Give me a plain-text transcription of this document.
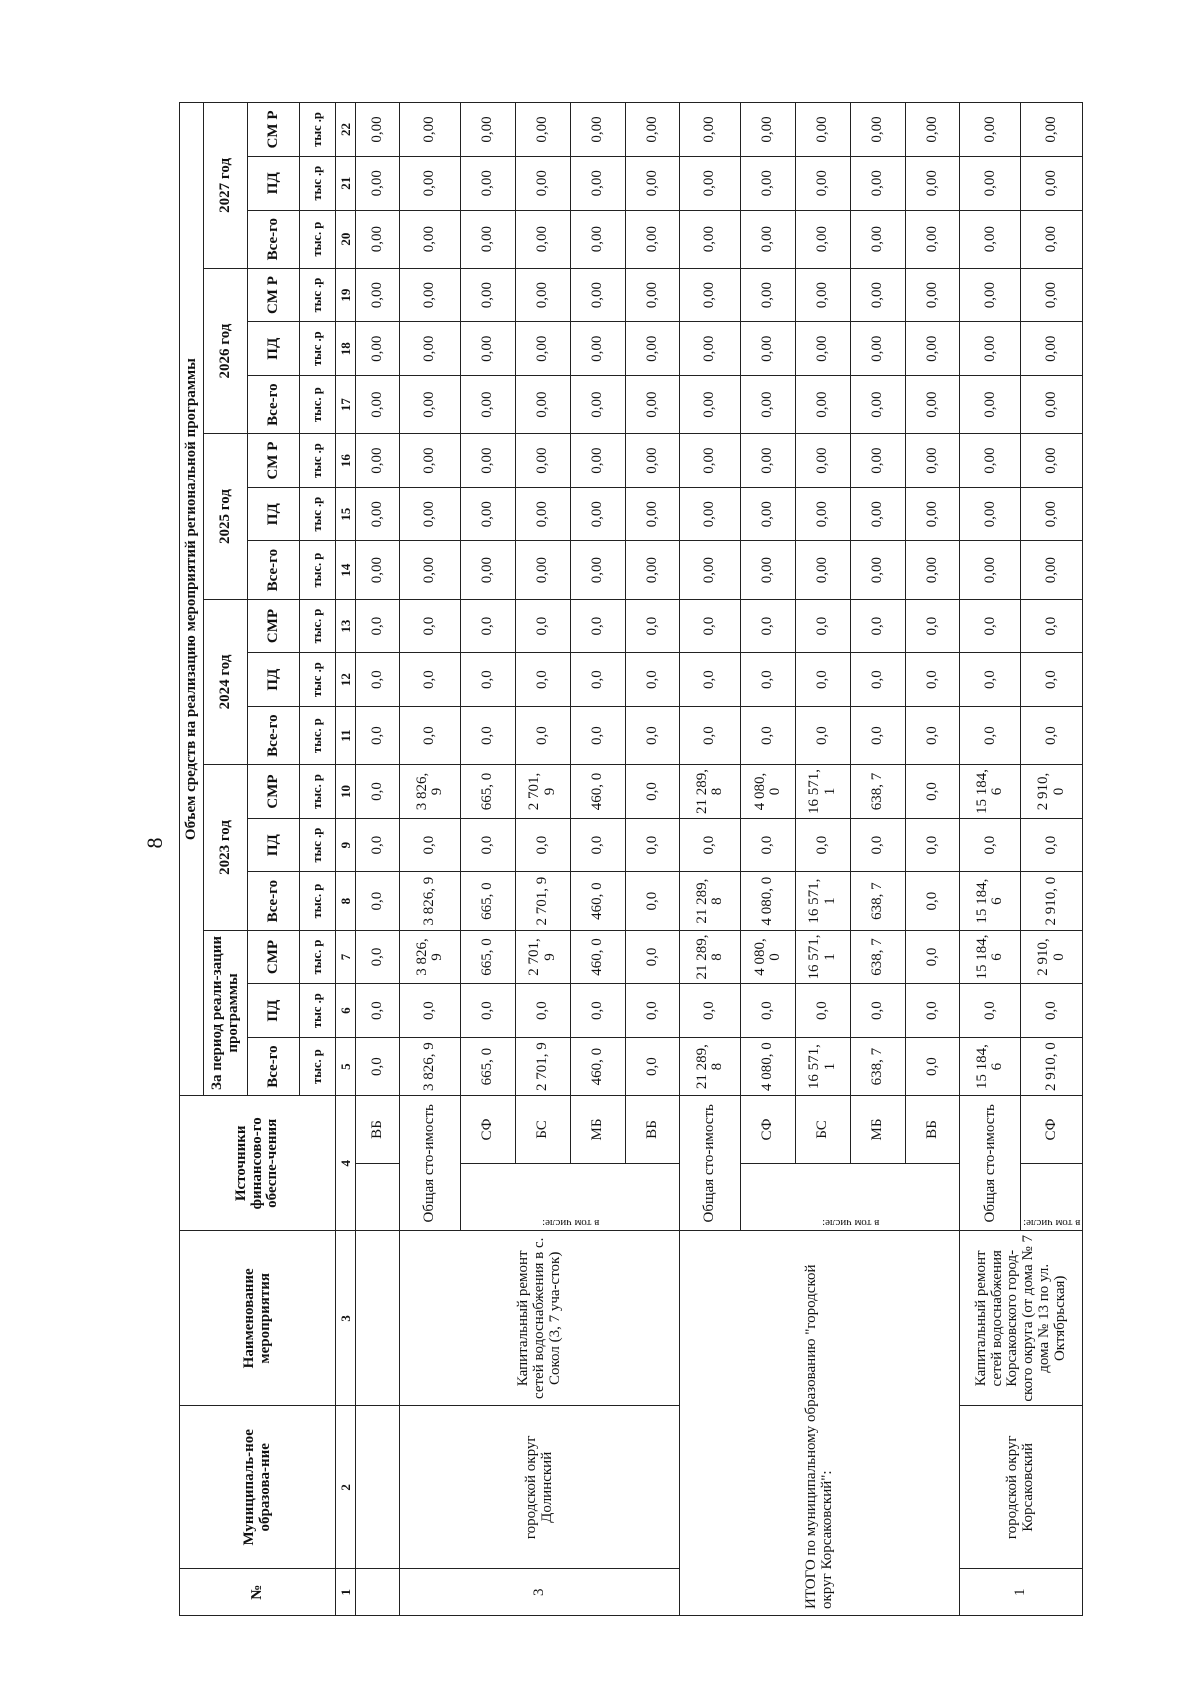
8
№	Муниципаль-ное образова-ние	Наименование мероприятия	Источники финансово-го обеспе-чения		Объем средств на реализацию мероприятий региональной программы																	
					За период реали-зации программы			2023 год			2024 год			2025 год			2026 год			2027 год		
					Все-го	ПД	СМР	Все-го	ПД	СМР	Все-го	ПД	СМР	Все-го	ПД	СМ Р	Все-го	ПД	СМ Р	Все-го	ПД	СМ Р
					тыс. р	тыс .р	тыс. р	тыс. р	тыс .р	тыс. р	тыс. р	тыс .р	тыс. р	тыс. р	тыс .р	тыс .р	тыс. р	тыс .р	тыс .р	тыс. р	тыс .р	тыс .р
1	2	3	4		5	6	7	8	9	10	11	12	13	14	15	16	17	18	19	20	21	22
				ВБ	0,0	0,0	0,0	0,0	0,0	0,0	0,0	0,0	0,0	0,00	0,00	0,00	0,00	0,00	0,00	0,00	0,00	0,00
3	городской округ Долинский	Капитальный ремонт сетей водоснабжения в с. Сокол (3, 7 уча-сток)	Общая сто-имость		3 826, 9	0,0	3 826, 9	3 826, 9	0,0	3 826, 9	0,0	0,0	0,0	0,00	0,00	0,00	0,00	0,00	0,00	0,00	0,00	0,00

			в том числе:	СФ	665, 0	0,0	665, 0	665, 0	0,0	665, 0	0,0	0,0	0,0	0,00	0,00	0,00	0,00	0,00	0,00	0,00	0,00	0,00
				БС	2 701, 9	0,0	2 701, 9	2 701, 9	0,0	2 701, 9	0,0	0,0	0,0	0,00	0,00	0,00	0,00	0,00	0,00	0,00	0,00	0,00
				МБ	460, 0	0,0	460, 0	460, 0	0,0	460, 0	0,0	0,0	0,0	0,00	0,00	0,00	0,00	0,00	0,00	0,00	0,00	0,00
				ВБ	0,0	0,0	0,0	0,0	0,0	0,0	0,0	0,0	0,0	0,00	0,00	0,00	0,00	0,00	0,00	0,00	0,00	0,00
ИТОГО по муниципальному образованию "городской округ Корсаковский":			Общая сто-имость		21 289, 8	0,0	21 289, 8	21 289, 8	0,0	21 289, 8	0,0	0,0	0,0	0,00	0,00	0,00	0,00	0,00	0,00	0,00	0,00	0,00

			в том числе:	СФ	4 080, 0	0,0	4 080, 0	4 080, 0	0,0	4 080, 0	0,0	0,0	0,0	0,00	0,00	0,00	0,00	0,00	0,00	0,00	0,00	0,00
				БС	16 571, 1	0,0	16 571, 1	16 571, 1	0,0	16 571, 1	0,0	0,0	0,0	0,00	0,00	0,00	0,00	0,00	0,00	0,00	0,00	0,00
				МБ	638, 7	0,0	638, 7	638, 7	0,0	638, 7	0,0	0,0	0,0	0,00	0,00	0,00	0,00	0,00	0,00	0,00	0,00	0,00
				ВБ	0,0	0,0	0,0	0,0	0,0	0,0	0,0	0,0	0,0	0,00	0,00	0,00	0,00	0,00	0,00	0,00	0,00	0,00
1	городской округ Корсаковский	Капитальный ремонт сетей водоснабжения Корсаковского город-ского округа (от дома № 7 дома № 13 по ул. Октябрьская)	Общая сто-имость		15 184, 6	0,0	15 184, 6	15 184, 6	0,0	15 184, 6	0,0	0,0	0,0	0,00	0,00	0,00	0,00	0,00	0,00	0,00	0,00	0,00

			в том числе:	СФ	2 910, 0	0,0	2 910, 0	2 910, 0	0,0	2 910, 0	0,0	0,0	0,0	0,00	0,00	0,00	0,00	0,00	0,00	0,00	0,00	0,00
